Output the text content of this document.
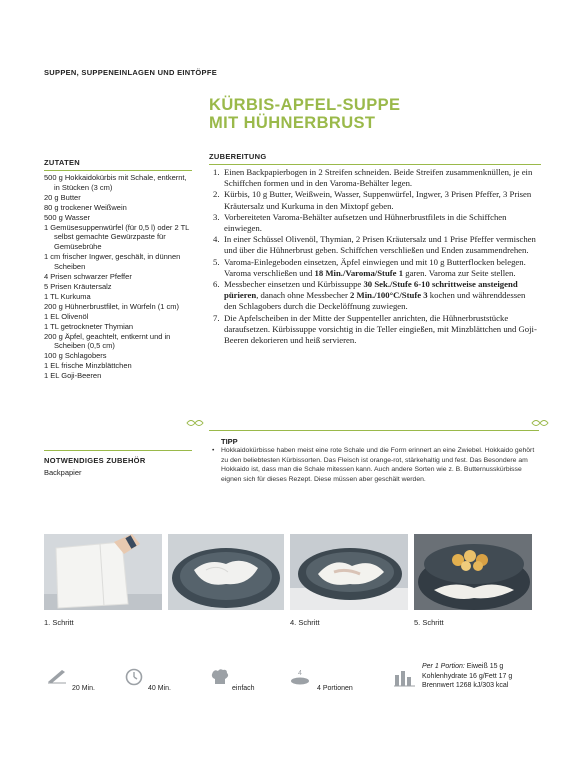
SUPPEN, SUPPENEINLAGEN UND EINTÖPFE
KÜRBIS-APFEL-SUPPE
MIT HÜHNERBRUST
ZUTATEN
500 g Hokkaidokürbis mit Schale, entkernt, in Stücken (3 cm)
20 g Butter
80 g trockener Weißwein
500 g Wasser
1 Gemüsesuppenwürfel (für 0,5 l) oder 2 TL selbst gemachte Gewürzpaste für Gemüsebrühe
1 cm frischer Ingwer, geschält, in dünnen Scheiben
4 Prisen schwarzer Pfeffer
5 Prisen Kräutersalz
1 TL Kurkuma
200 g Hühnerbrustfilet, in Würfeln (1 cm)
1 EL Olivenöl
1 TL getrockneter Thymian
200 g Äpfel, geachtelt, entkernt und in Scheiben (0,5 cm)
100 g Schlagobers
1 EL frische Minzblättchen
1 EL Goji-Beeren
NOTWENDIGES ZUBEHÖR
Backpapier
ZUBEREITUNG
1. Einen Backpapierbogen in 2 Streifen schneiden. Beide Streifen zusammenknüllen, je ein Schiffchen formen und in den Varoma-Behälter legen.
2. Kürbis, 10 g Butter, Weißwein, Wasser, Suppenwürfel, Ingwer, 3 Prisen Pfeffer, 3 Prisen Kräutersalz und Kurkuma in den Mixtopf geben.
3. Vorbereiteten Varoma-Behälter aufsetzen und Hühnerbrustfilets in die Schiffchen einwiegen.
4. In einer Schüssel Olivenöl, Thymian, 2 Prisen Kräutersalz und 1 Prise Pfeffer vermischen und über die Hühnerbrust geben. Schiffchen verschließen und Enden zusammendrehen.
5. Varoma-Einlegeboden einsetzen, Äpfel einwiegen und mit 10 g Butterflocken belegen. Varoma verschließen und 18 Min./Varoma/Stufe 1 garen. Varoma zur Seite stellen.
6. Messbecher einsetzen und Kürbissuppe 30 Sek./Stufe 6-10 schrittweise ansteigend pürieren, danach ohne Messbecher 2 Min./100°C/Stufe 3 kochen und währenddessen den Schlagobers durch die Deckelöffnung zuwiegen.
7. Die Apfelscheiben in der Mitte der Suppenteller anrichten, die Hühnerbruststücke daraufsetzen. Kürbissuppe vorsichtig in die Teller eingießen, mit Minzblättchen und Goji-Beeren dekorieren und heiß servieren.
TIPP
• Hokkaidokürbisse haben meist eine rote Schale und die Form erinnert an eine Zwiebel. Hokkaido gehört zu den beliebtesten Kürbissorten. Das Fleisch ist orange-rot, stärkehaltig und fest. Das Besondere am Hokkaido ist, dass man die Schale mitessen kann. Auch andere Sorten wie z. B. Butternusskürbisse eignen sich für dieses Rezept. Diese müssen aber geschält werden.
1. Schritt	4. Schritt	5. Schritt
20 Min.	40 Min.	einfach
4
4 Portionen
Per 1 Portion: Eiweiß 15 g
Kohlenhydrate 16 g/Fett 17 g
Brennwert 1268 kJ/303 kcal
